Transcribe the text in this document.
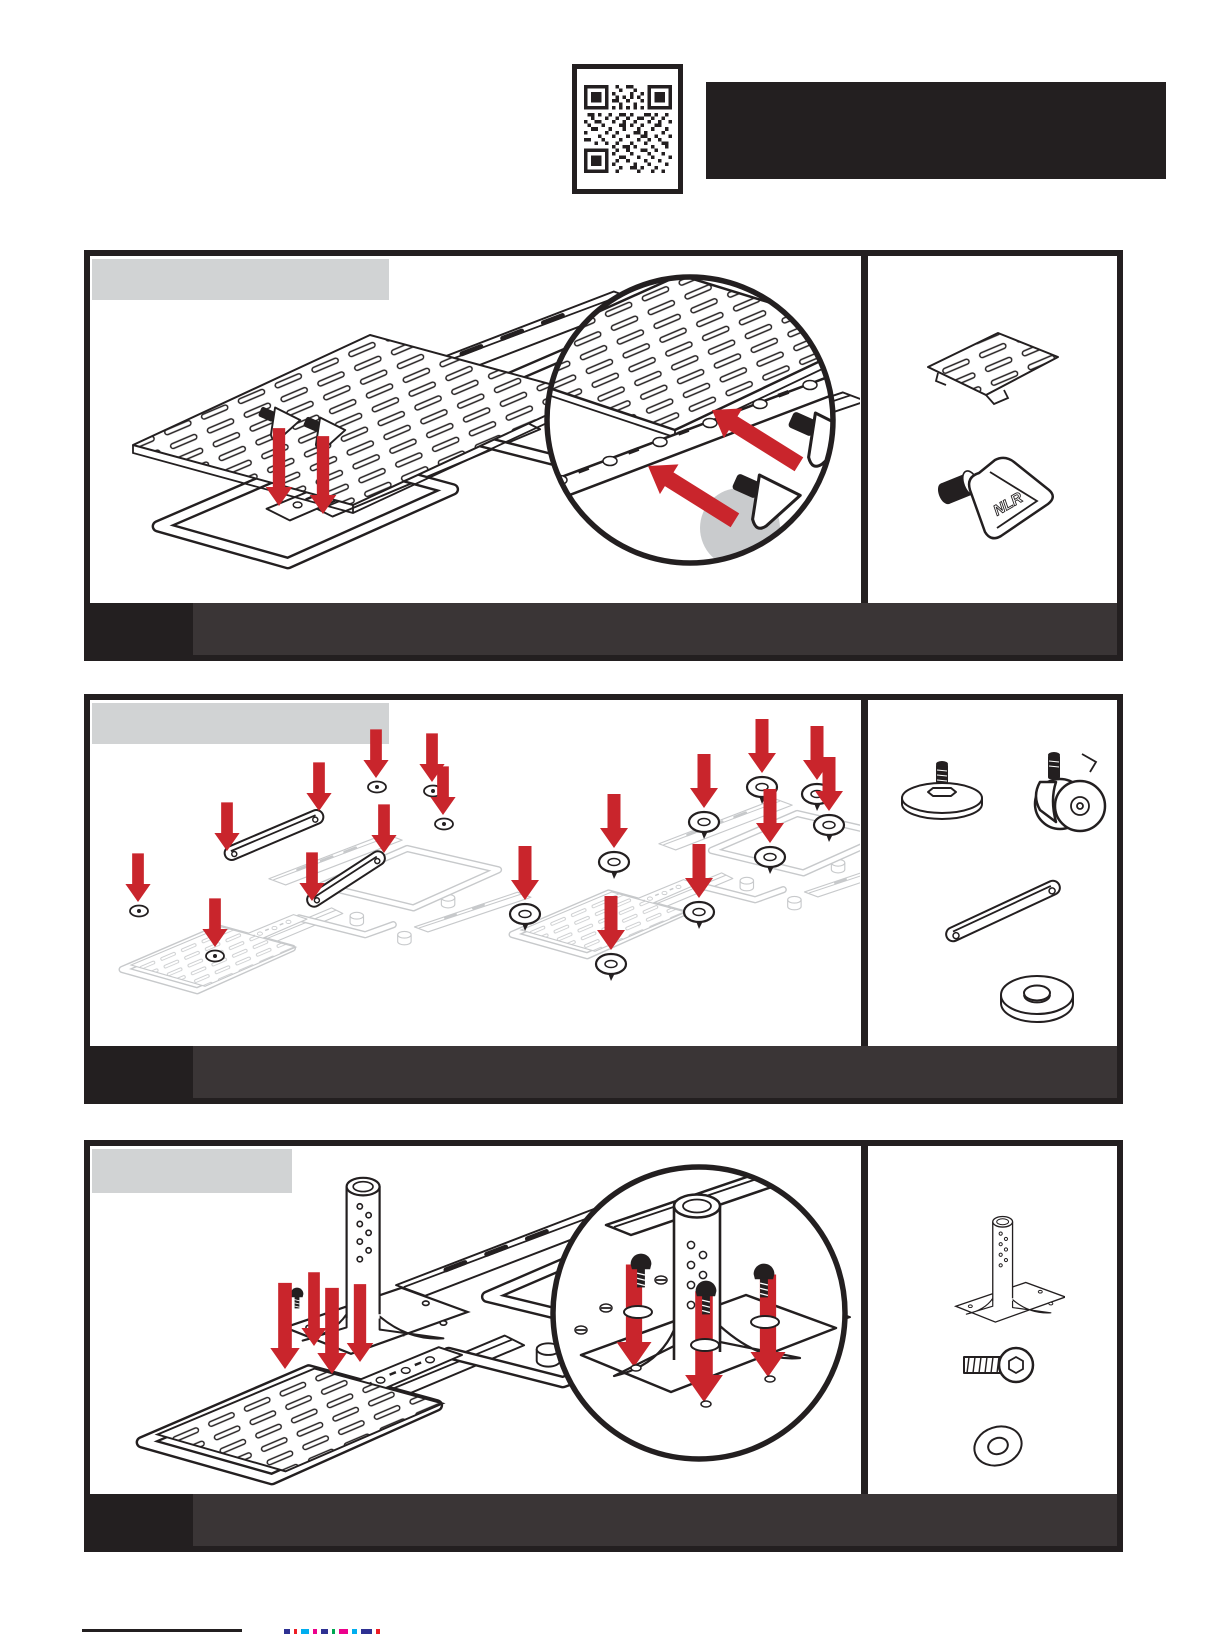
NLR
